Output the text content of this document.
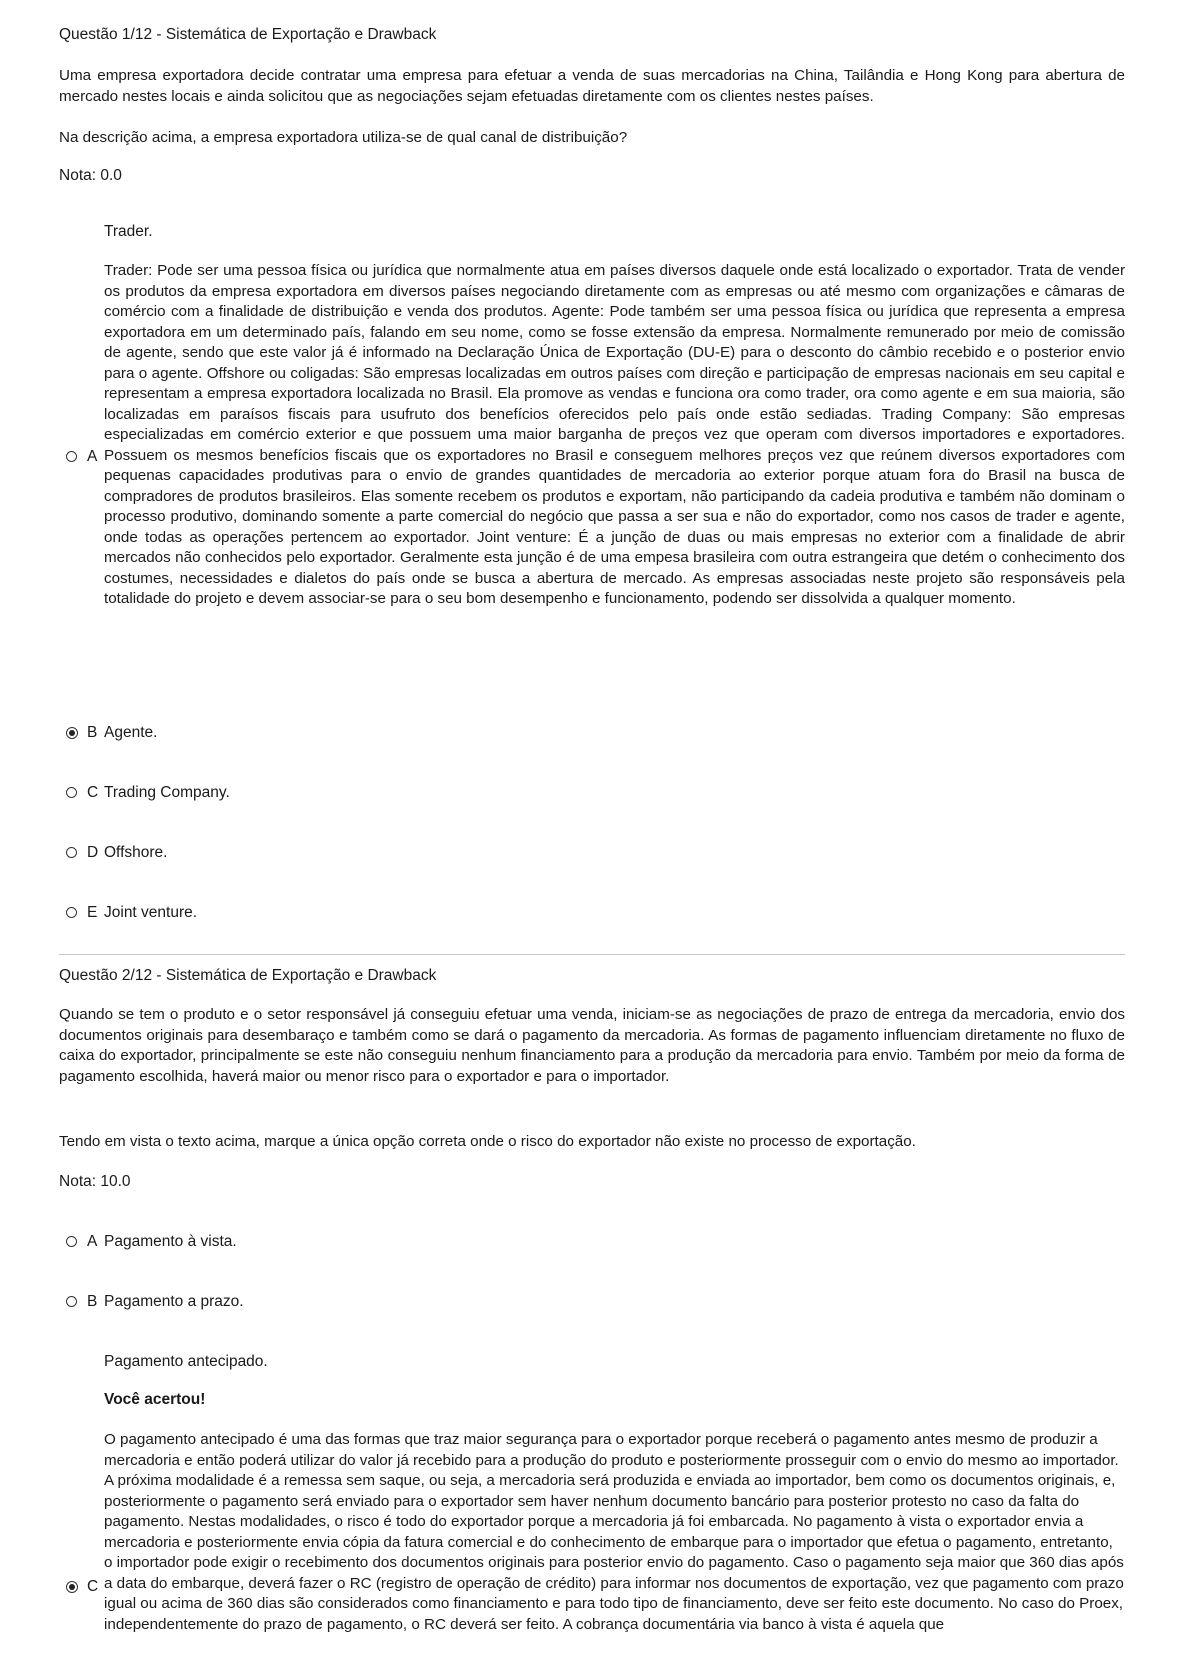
Questão 1/12 - Sistemática de Exportação e Drawback
Uma empresa exportadora decide contratar uma empresa para efetuar a venda de suas mercadorias na China, Tailândia e Hong Kong para abertura de mercado nestes locais e ainda solicitou que as negociações sejam efetuadas diretamente com os clientes nestes países.
Na descrição acima, a empresa exportadora utiliza-se de qual canal de distribuição?
Nota: 0.0
Trader.
Trader: Pode ser uma pessoa física ou jurídica que normalmente atua em países diversos daquele onde está localizado o exportador. Trata de vender os produtos da empresa exportadora em diversos países negociando diretamente com as empresas ou até mesmo com organizações e câmaras de comércio com a finalidade de distribuição e venda dos produtos. Agente: Pode também ser uma pessoa física ou jurídica que representa a empresa exportadora em um determinado país, falando em seu nome, como se fosse extensão da empresa. Normalmente remunerado por meio de comissão de agente, sendo que este valor já é informado na Declaração Única de Exportação (DU-E) para o desconto do câmbio recebido e o posterior envio para o agente. Offshore ou coligadas: São empresas localizadas em outros países com direção e participação de empresas nacionais em seu capital e representam a empresa exportadora localizada no Brasil. Ela promove as vendas e funciona ora como trader, ora como agente e em sua maioria, são localizadas em paraísos fiscais para usufruto dos benefícios oferecidos pelo país onde estão sediadas. Trading Company: São empresas especializadas em comércio exterior e que possuem uma maior barganha de preços vez que operam com diversos importadores e exportadores. Possuem os mesmos benefícios fiscais que os exportadores no Brasil e conseguem melhores preços vez que reúnem diversos exportadores com pequenas capacidades produtivas para o envio de grandes quantidades de mercadoria ao exterior porque atuam fora do Brasil na busca de compradores de produtos brasileiros. Elas somente recebem os produtos e exportam, não participando da cadeia produtiva e também não dominam o processo produtivo, dominando somente a parte comercial do negócio que passa a ser sua e não do exportador, como nos casos de trader e agente, onde todas as operações pertencem ao exportador. Joint venture: É a junção de duas ou mais empresas no exterior com a finalidade de abrir mercados não conhecidos pelo exportador. Geralmente esta junção é de uma empesa brasileira com outra estrangeira que detém o conhecimento dos costumes, necessidades e dialetos do país onde se busca a abertura de mercado. As empresas associadas neste projeto são responsáveis pela totalidade do projeto e devem associar-se para o seu bom desempenho e funcionamento, podendo ser dissolvida a qualquer momento.
A
B Agente.
C Trading Company.
D Offshore.
E Joint venture.
Questão 2/12 - Sistemática de Exportação e Drawback
Quando se tem o produto e o setor responsável já conseguiu efetuar uma venda, iniciam-se as negociações de prazo de entrega da mercadoria, envio dos documentos originais para desembaraço e também como se dará o pagamento da mercadoria. As formas de pagamento influenciam diretamente no fluxo de caixa do exportador, principalmente se este não conseguiu nenhum financiamento para a produção da mercadoria para envio. Também por meio da forma de pagamento escolhida, haverá maior ou menor risco para o exportador e para o importador.
Tendo em vista o texto acima, marque a única opção correta onde o risco do exportador não existe no processo de exportação.
Nota: 10.0
A Pagamento à vista.
B Pagamento a prazo.
Pagamento antecipado.
Você acertou!
O pagamento antecipado é uma das formas que traz maior segurança para o exportador porque receberá o pagamento antes mesmo de produzir a mercadoria e então poderá utilizar do valor já recebido para a produção do produto e posteriormente prosseguir com o envio do mesmo ao importador. A próxima modalidade é a remessa sem saque, ou seja, a mercadoria será produzida e enviada ao importador, bem como os documentos originais, e, posteriormente o pagamento será enviado para o exportador sem haver nenhum documento bancário para posterior protesto no caso da falta do pagamento. Nestas modalidades, o risco é todo do exportador porque a mercadoria já foi embarcada. No pagamento à vista o exportador envia a mercadoria e posteriormente envia cópia da fatura comercial e do conhecimento de embarque para o importador que efetua o pagamento, entretanto, o importador pode exigir o recebimento dos documentos originais para posterior envio do pagamento. Caso o pagamento seja maior que 360 dias após a data do embarque, deverá fazer o RC (registro de operação de crédito) para informar nos documentos de exportação, vez que pagamento com prazo igual ou acima de 360 dias são considerados como financiamento e para todo tipo de financiamento, deve ser feito este documento. No caso do Proex, independentemente do prazo de pagamento, o RC deverá ser feito. A cobrança documentária via banco à vista é aquela que
C
